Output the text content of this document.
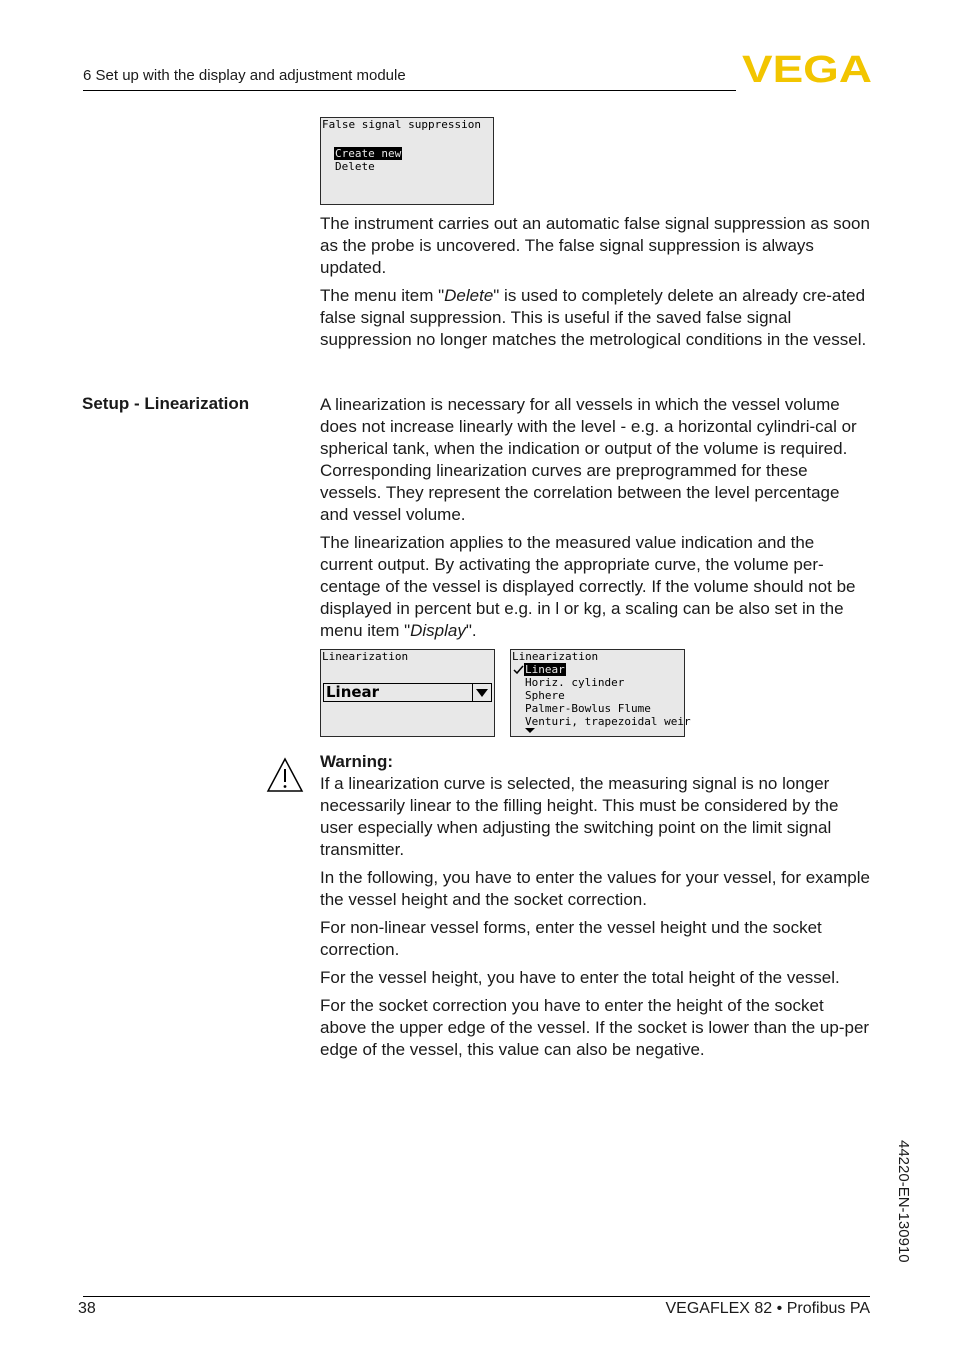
6 Set up with the display and adjustment module	VEGA
False signal suppression
Create new
Delete

The instrument carries out an automatic false signal suppression as soon as the probe is uncovered. The false signal suppression is always updated.

The menu item "Delete" is used to completely delete an already cre-ated false signal suppression. This is useful if the saved false signal suppression no longer matches the metrological conditions in the vessel.

Setup - Linearization	A linearization is necessary for all vessels in which the vessel volume does not increase linearly with the level - e.g. a horizontal cylindri-cal or spherical tank, when the indication or output of the volume is required. Corresponding linearization curves are preprogrammed for these vessels. They represent the correlation between the level percentage and vessel volume.

The linearization applies to the measured value indication and the current output. By activating the appropriate curve, the volume per-centage of the vessel is displayed correctly. If the volume should not be displayed in percent but e.g. in l or kg, a scaling can be also set in the menu item "Display".

Linearization
Linear
Linearization
Linear
Horiz. cylinder
Sphere
Palmer-Bowlus Flume
Venturi, trapezoidal weir

Warning:

If a linearization curve is selected, the measuring signal is no longer necessarily linear to the filling height. This must be considered by the user especially when adjusting the switching point on the limit signal transmitter.

In the following, you have to enter the values for your vessel, for example the vessel height and the socket correction.

For non-linear vessel forms, enter the vessel height und the socket correction.

For the vessel height, you have to enter the total height of the vessel.

For the socket correction you have to enter the height of the socket above the upper edge of the vessel. If the socket is lower than the up-per edge of the vessel, this value can also be negative.

44220-EN-130910
38	VEGAFLEX 82 • Profibus PA
